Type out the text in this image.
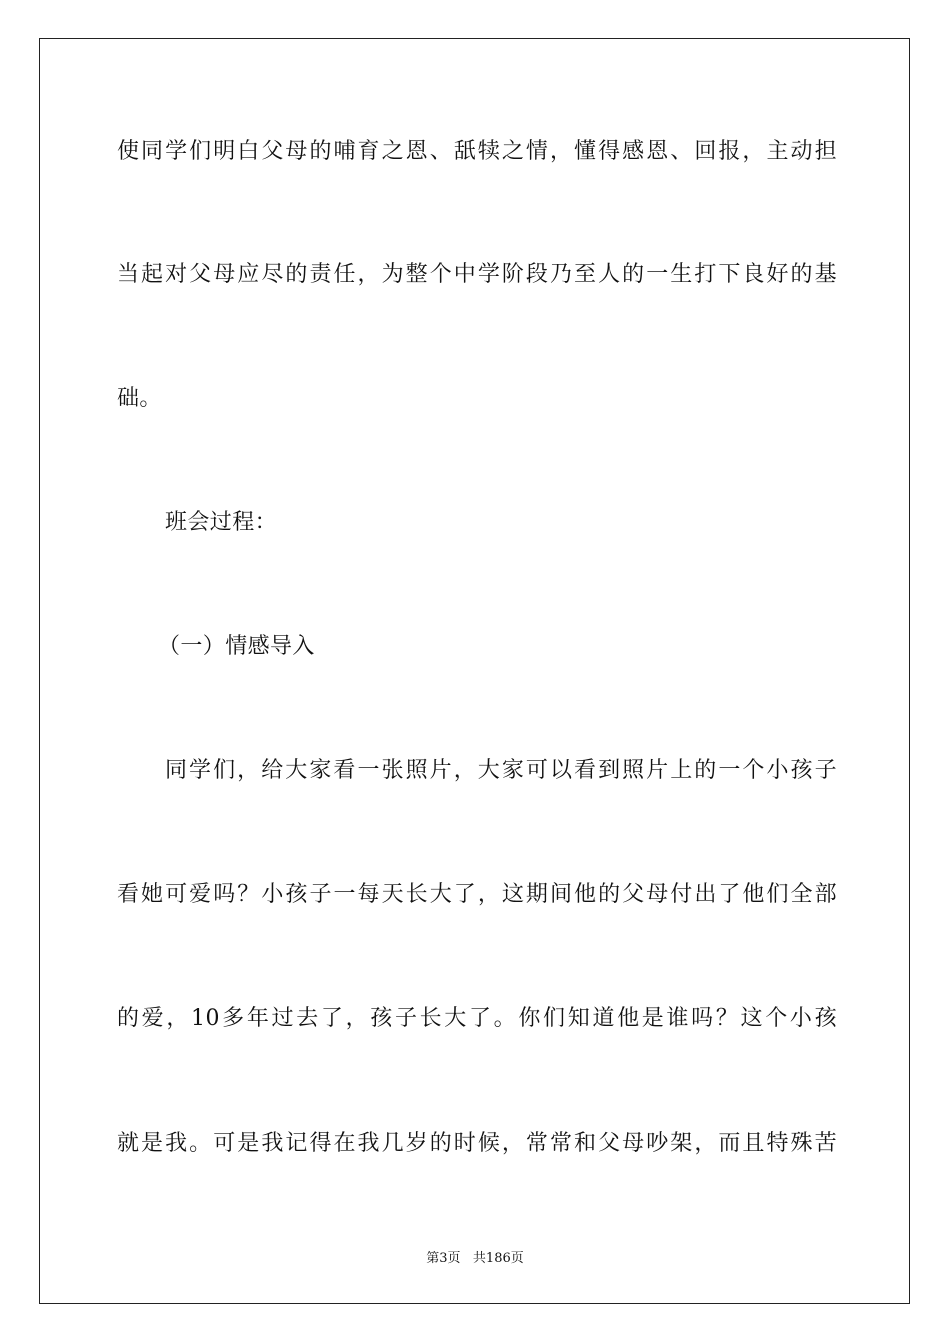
使同学们明白父母的哺育之恩、舐犊之情，懂得感恩、回报，主动担
当起对父母应尽的责任，为整个中学阶段乃至人的一生打下良好的基
础。
班会过程：
（一）情感导入
同学们，给大家看一张照片，大家可以看到照片上的一个小孩子
看她可爱吗？小孩子一每天长大了，这期间他的父母付出了他们全部
的爱，10多年过去了，孩子长大了。你们知道他是谁吗？这个小孩
就是我。可是我记得在我几岁的时候，常常和父母吵架，而且特殊苦
第3页   共186页
